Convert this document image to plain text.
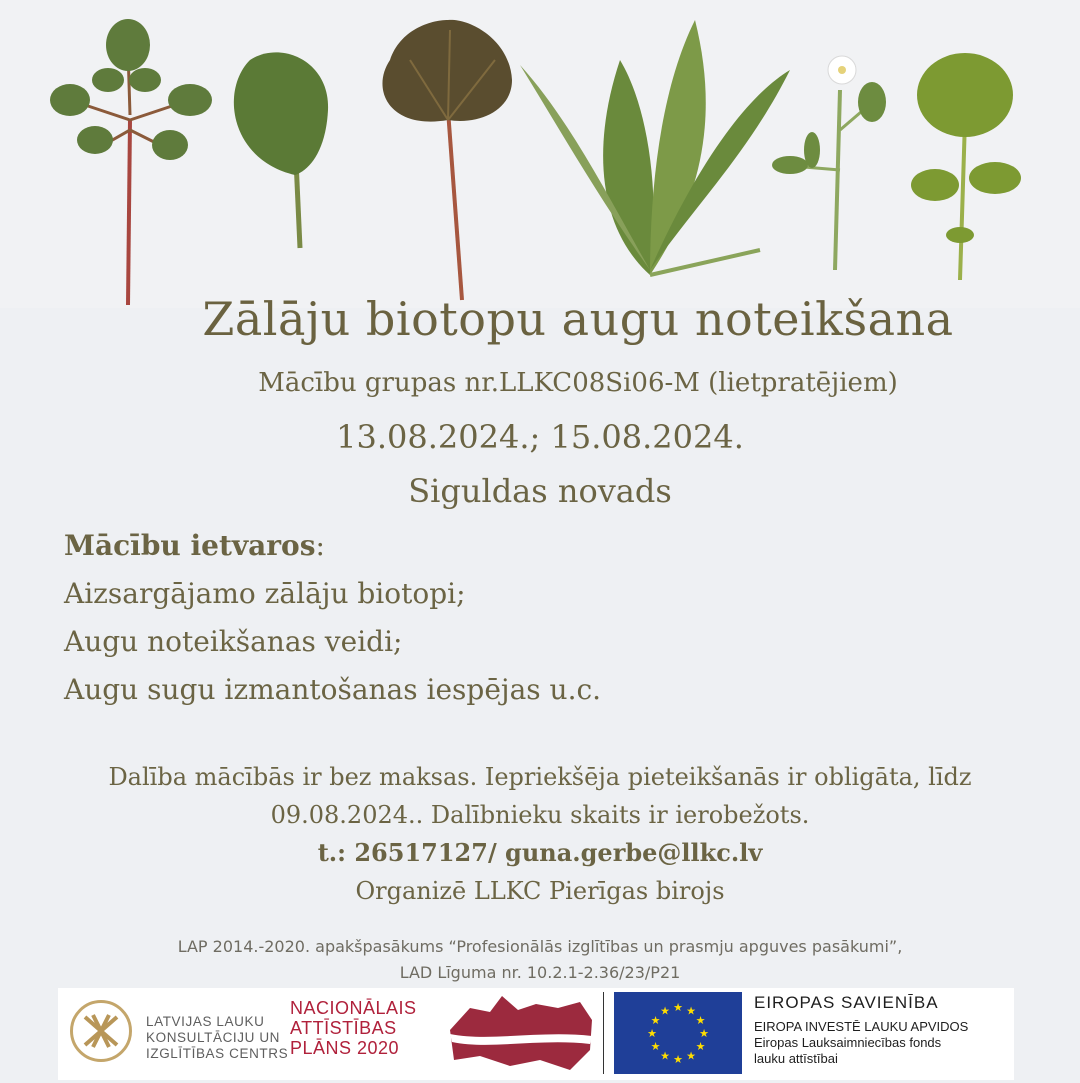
Zālāju biotopu augu noteikšana
Mācību grupas nr.LLKC08Si06-M (lietpratējiem)
13.08.2024.; 15.08.2024.
Siguldas novads
Mācību ietvaros:
Aizsargājamo zālāju biotopi;
Augu noteikšanas veidi;
Augu sugu izmantošanas iespējas u.c.
Dalība mācībās ir bez maksas. Iepriekšēja pieteikšanās ir obligāta, līdz
09.08.2024.. Dalībnieku skaits ir ierobežots.
t.: 26517127/ guna.gerbe@llkc.lv
Organizē LLKC Pierīgas birojs
LAP 2014.-2020. apakšpasākums “Profesionālās izglītības un prasmju apguves pasākumi”,
LAD Līguma nr. 10.2.1-2.36/23/P21
LATVIJAS LAUKU
KONSULTĀCIJU UN
IZGLĪTĪBAS CENTRS
NACIONĀLAIS
ATTĪSTĪBAS
PLĀNS 2020
★ ★
★
★
★
★
★
★
★
★
★
★	EIROPAS SAVIENĪBA
EIROPA INVESTĒ LAUKU APVIDOS
Eiropas Lauksaimniecības fonds
lauku attīstībai
